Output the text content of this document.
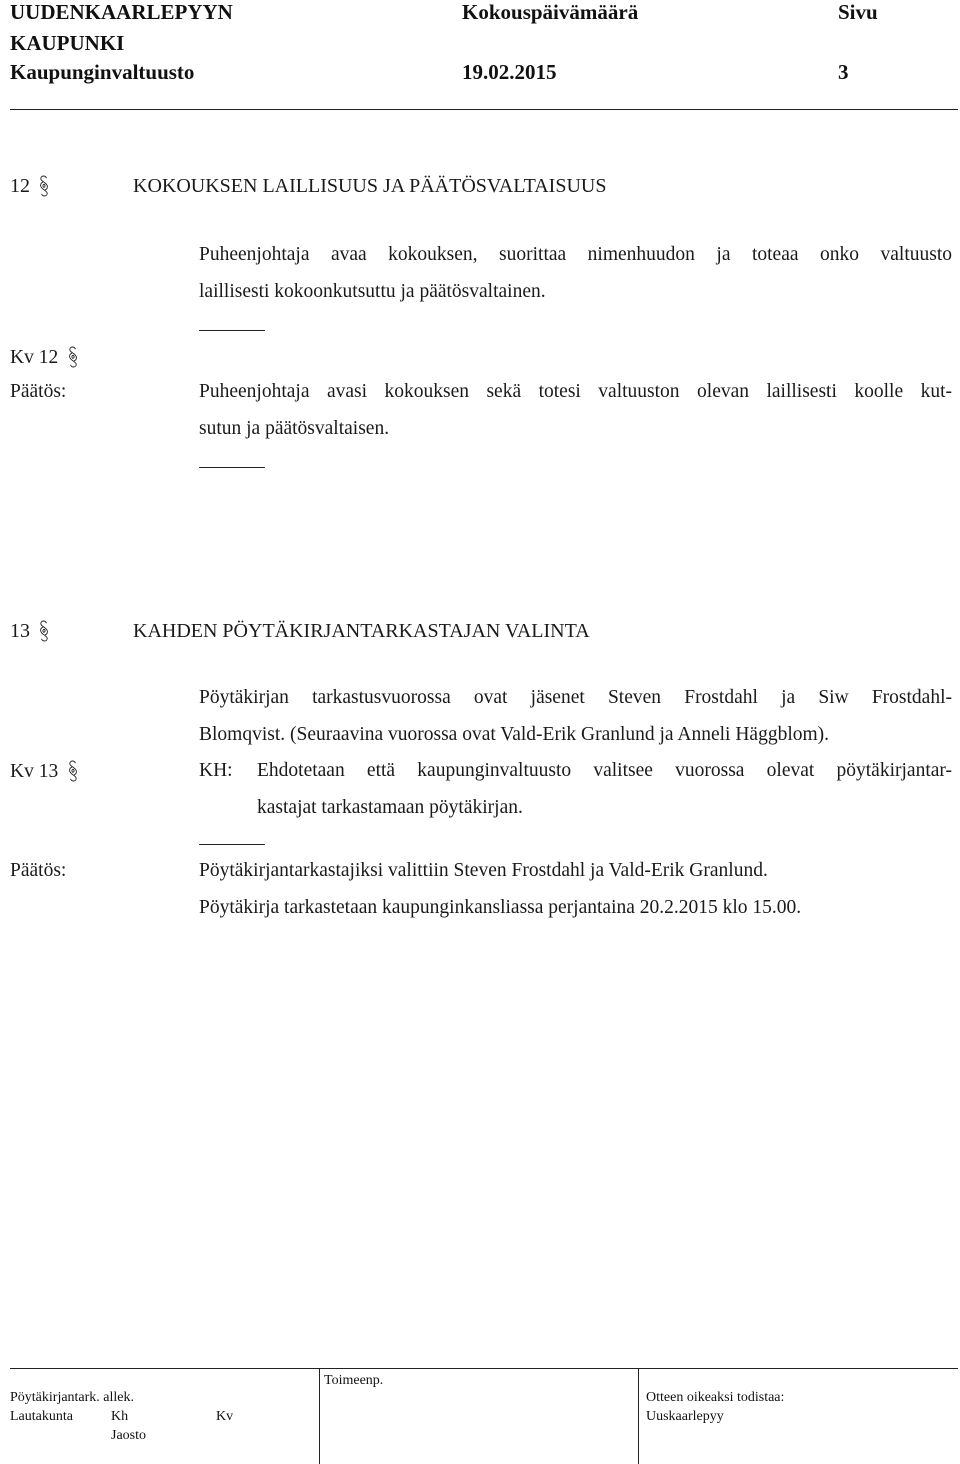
UUDENKAARLEPYYN
KAUPUNKI
Kaupunginvaltuusto
Kokouspäivämäärä
19.02.2015
Sivu
3
12	KOKOUKSEN LAILLISUUS JA PÄÄTÖSVALTAISUUS
Puheenjohtaja avaa kokouksen, suorittaa nimenhuudon ja toteaa onko valtuusto
laillisesti kokoonkutsuttu ja päätösvaltainen.
Kv 12
Päätös:	Puheenjohtaja avasi kokouksen sekä totesi valtuuston olevan laillisesti koolle kut-
sutun ja päätösvaltaisen.
13	KAHDEN PÖYTÄKIRJANTARKASTAJAN VALINTA
Pöytäkirjan tarkastusvuorossa ovat jäsenet Steven Frostdahl ja Siw Frostdahl-
Blomqvist. (Seuraavina vuorossa ovat Vald-Erik Granlund ja Anneli Häggblom).
Kv 13	KH: Ehdotetaan että kaupunginvaltuusto valitsee vuorossa olevat pöytäkirjantar-
kastajat tarkastamaan pöytäkirjan.
Päätös:	Pöytäkirjantarkastajiksi valittiin Steven Frostdahl ja Vald-Erik Granlund.
Pöytäkirja tarkastetaan kaupunginkansliassa perjantaina 20.2.2015 klo 15.00.
Pöytäkirjantark. allek.
Lautakunta	Kh	Kv
Jaosto
Toimeenp.
Otteen oikeaksi todistaa:
Uuskaarlepyy
